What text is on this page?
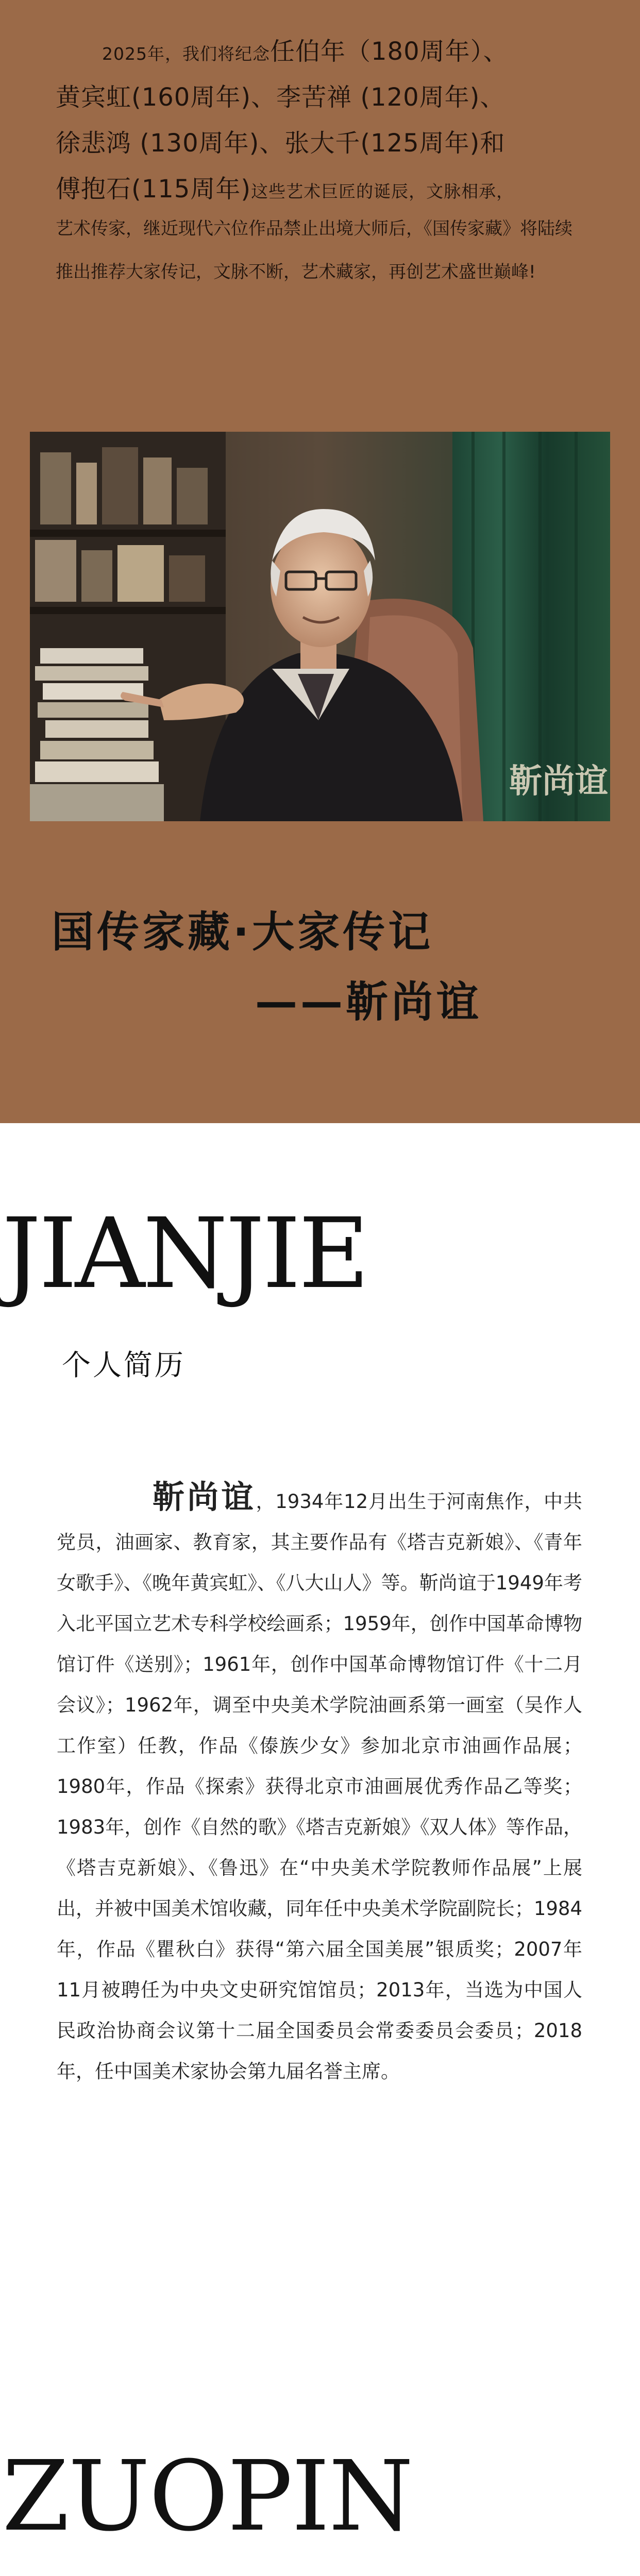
2025年，我们将纪念任伯年（180周年）、

黄宾虹(160周年)、李苦禅 (120周年)、

徐悲鸿 (130周年)、张大千(125周年)和

傅抱石(115周年)这些艺术巨匠的诞辰，文脉相承，

艺术传家，继近现代六位作品禁止出境大师后，《国传家藏》将陆续推出推荐大家传记，文脉不断，艺术藏家，再创艺术盛世巅峰!
靳尚谊
国传家藏·大家传记
——靳尚谊
JIANJIE
个人简历
靳尚谊，1934年12月出生于河南焦作，中共党员，油画家、教育家，其主要作品有《塔吉克新娘》、《青年女歌手》、《晚年黄宾虹》、《八大山人》等。靳尚谊于1949年考入北平国立艺术专科学校绘画系；1959年，创作中国革命博物馆订件《送别》；1961年，创作中国革命博物馆订件《十二月会议》；1962年，调至中央美术学院油画系第一画室（吴作人工作室）任教，作品《傣族少女》参加北京市油画作品展；1980年，作品《探索》获得北京市油画展优秀作品乙等奖；1983年，创作《自然的歌》《塔吉克新娘》《双人体》等作品，《塔吉克新娘》、《鲁迅》在“中央美术学院教师作品展”上展出，并被中国美术馆收藏，同年任中央美术学院副院长；1984年，作品《瞿秋白》获得“第六届全国美展”银质奖；2007年11月被聘任为中央文史研究馆馆员；2013年，当选为中国人民政治协商会议第十二届全国委员会常委委员会委员；2018年，任中国美术家协会第九届名誉主席。
ZUOPIN
